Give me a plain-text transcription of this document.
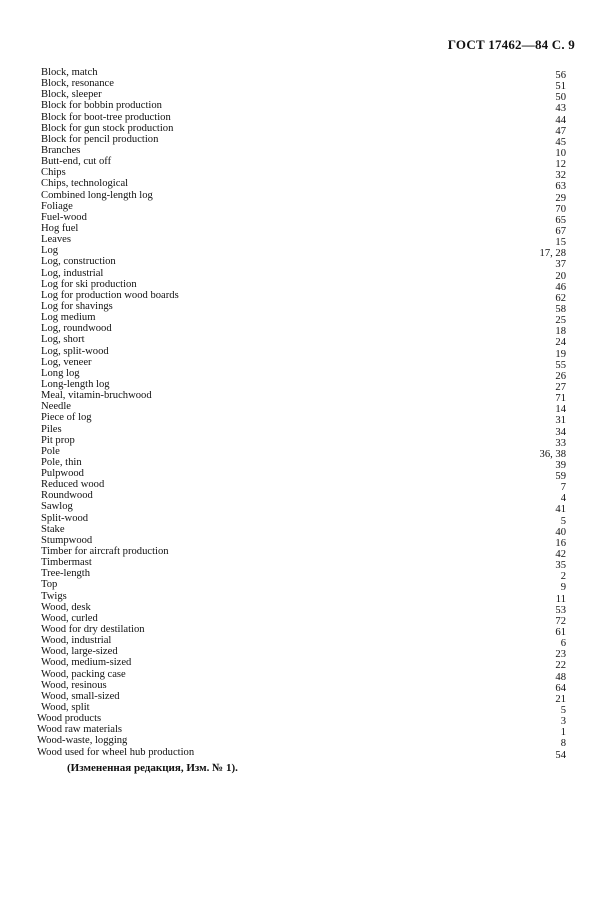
ГОСТ 17462—84 С. 9
Block, match	56
Block, resonance	51
Block, sleeper	50
Block for bobbin production	43
Block for boot-tree production	44
Block for gun stock production	47
Block for pencil production	45
Branches	10
Butt-end, cut off	12
Chips	32
Chips, technological	63
Combined long-length log	29
Foliage	70
Fuel-wood	65
Hog fuel	67
Leaves	15
Log	17, 28
Log, construction	37
Log, industrial	20
Log for ski production	46
Log for production wood boards	62
Log for shavings	58
Log medium	25
Log, roundwood	18
Log, short	24
Log, split-wood	19
Log, veneer	55
Long log	26
Long-length log	27
Meal, vitamin-bruchwood	71
Needle	14
Piece of log	31
Piles	34
Pit prop	33
Pole	36, 38
Pole, thin	39
Pulpwood	59
Reduced wood	7
Roundwood	4
Sawlog	41
Split-wood	5
Stake	40
Stumpwood	16
Timber for aircraft production	42
Timbermast	35
Tree-length	2
Top	9
Twigs	11
Wood, desk	53
Wood, curled	72
Wood for dry destilation	61
Wood, industrial	6
Wood, large-sized	23
Wood, medium-sized	22
Wood, packing case	48
Wood, resinous	64
Wood, small-sized	21
Wood, split	5
Wood products	3
Wood raw materials	1
Wood-waste, logging	8
Wood used for wheel hub production	54
(Измененная редакция, Изм. № 1).
